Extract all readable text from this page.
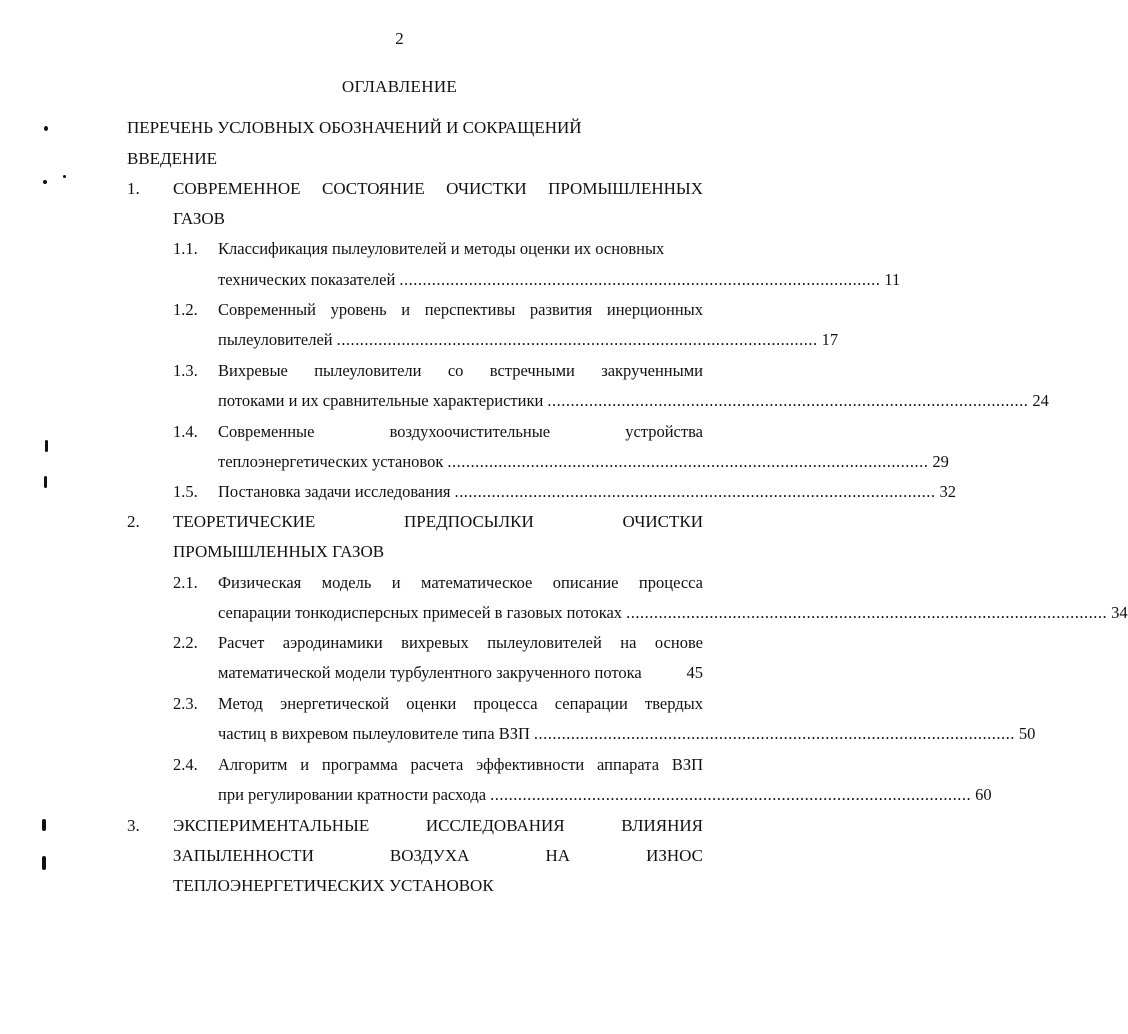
2
ОГЛАВЛЕНИЕ
ПЕРЕЧЕНЬ УСЛОВНЫХ ОБОЗНАЧЕНИЙ И СОКРАЩЕНИЙ
ВВЕДЕНИЕ
1. СОВРЕМЕННОЕ СОСТОЯНИЕ ОЧИСТКИ ПРОМЫШЛЕННЫХ
ГАЗОВ
1.1. Классификация пылеуловителей и методы оценки их основных
технических показателей ........................................................................................................ 11
1.2. Современный уровень и перспективы развития инерционных
пылеуловителей ........................................................................................................ 17
1.3. Вихревые пылеуловители со встречными закрученными
потоками и их сравнительные характеристики ........................................................................................................ 24
1.4. Современные	воздухоочистительные	устройства
теплоэнергетических установок ........................................................................................................ 29
1.5. Постановка задачи исследования ........................................................................................................ 32
2. ТЕОРЕТИЧЕСКИЕ	ПРЕДПОСЫЛКИ	ОЧИСТКИ
ПРОМЫШЛЕННЫХ ГАЗОВ
2.1. Физическая модель и математическое описание процесса
сепарации тонкодисперсных примесей в газовых потоках ........................................................................................................ 34
2.2. Расчет аэродинамики вихревых пылеуловителей на основе
математической модели турбулентного закрученного потока	45
2.3. Метод энергетической оценки процесса сепарации твердых
частиц в вихревом пылеуловителе типа ВЗП ........................................................................................................ 50
2.4. Алгоритм и программа расчета эффективности аппарата ВЗП
при регулировании кратности расхода ........................................................................................................ 60
3. ЭКСПЕРИМЕНТАЛЬНЫЕ	ИССЛЕДОВАНИЯ	ВЛИЯНИЯ
ЗАПЫЛЕННОСТИ	ВОЗДУХА	НА	ИЗНОС
ТЕПЛОЭНЕРГЕТИЧЕСКИХ УСТАНОВОК
